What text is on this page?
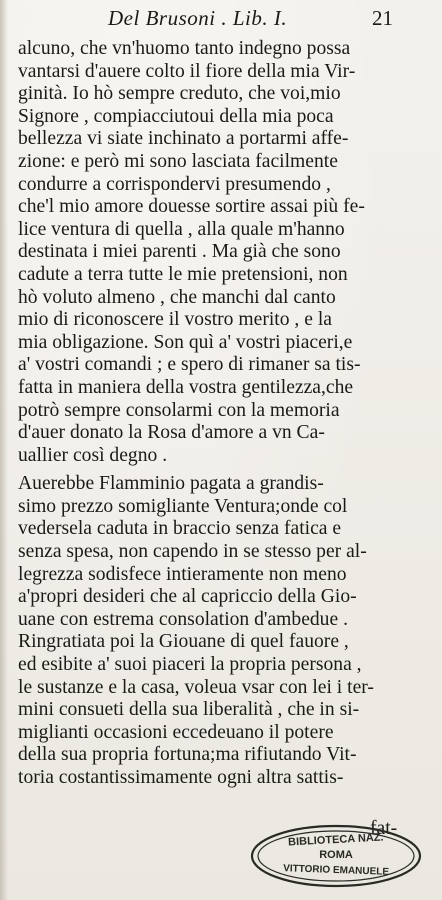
Del Brusoni . Lib. I.	21
alcuno, che vn'huomo tanto indegno possa
vantarsi d'auere colto il fiore della mia Vir-
ginità. Io hò sempre creduto, che voi,mio
Signore , compiacciutoui della mia poca
bellezza vi siate inchinato a portarmi affe-
zione: e però mi sono lasciata facilmente
condurre a corrispondervi presumendo ,
che'l mio amore douesse sortire assai più fe-
lice ventura di quella , alla quale m'hanno
destinata i miei parenti . Ma già che sono
cadute a terra tutte le mie pretensioni, non
hò voluto almeno , che manchi dal canto
mio di riconoscere il vostro merito , e la
mia obligazione. Son quì a' vostri piaceri,e
a' vostri comandi ; e spero di rimaner sa tis-
fatta in maniera della vostra gentilezza,che
potrò sempre consolarmi con la memoria
d'auer donato la Rosa d'amore a vn Ca-
uallier così degno .
Auerebbe Flamminio pagata a grandis-
simo prezzo somigliante Ventura;onde col
vedersela caduta in braccio senza fatica e
senza spesa, non capendo in se stesso per al-
legrezza sodisfece intieramente non meno
a'propri desideri che al capriccio della Gio-
uane con estrema consolation d'ambedue .
Ringratiata poi la Giouane di quel fauore ,
ed esibite a' suoi piaceri la propria persona ,
le sustanze e la casa, voleua vsar con lei i ter-
mini consueti della sua liberalità , che in si-
miglianti occasioni eccedeuano il potere
della sua propria fortuna;ma rifiutando Vit-
toria costantissimamente ogni altra sattis-
fat-
BIBLIOTECA NAZ.
ROMA
VITTORIO EMANUELE
